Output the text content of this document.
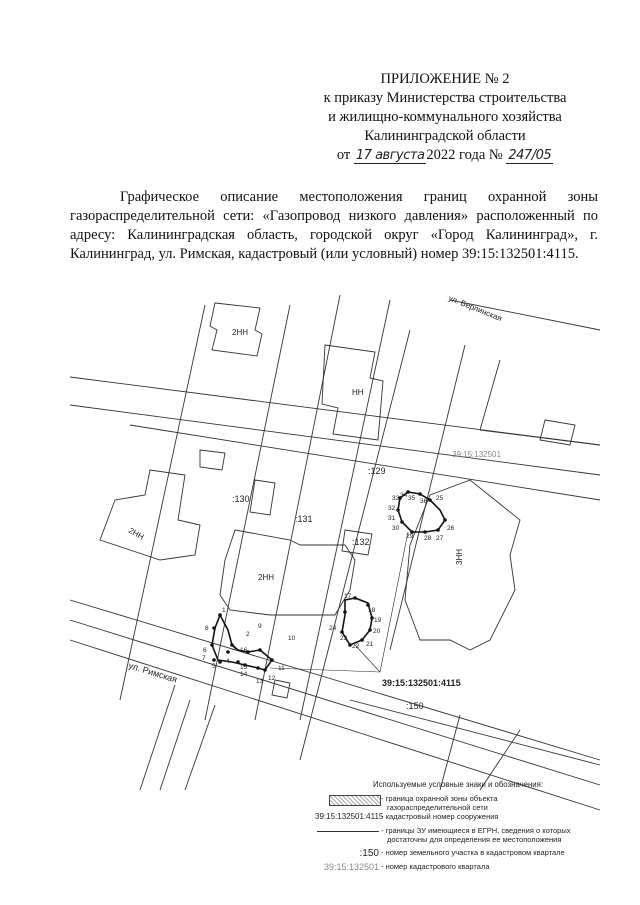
ПРИЛОЖЕНИЕ № 2
к приказу Министерства строительства
и жилищно-коммунального хозяйства
Калининградской области
от 17 августа 2022 года № 247/05
Графическое описание местоположения границ охранной зоны газораспределительной сети: «Газопровод низкого давления» расположенный по адресу: Калининградская область, городской округ «Город Калининград», г. Калининград, ул. Римская, кадастровый (или условный) номер 39:15:132501:4115.
ул. Берлинская
ул. Римская
39:15:132501
39:15:132501:4115
:129
:130
:131
:132
:150
2НН
НН
2НН
2НН
3НН
1
2
3
4
5
6
7
8	9
10
11
12
13
14
15
16
17
18
19
20
21
22
23
24
25
26
27
28
29
30
31
32
33 34 35 36
Используемые условные знаки и обозначения:
- граница охранной зоны объекта
газораспределительной сети
39:15:132501:4115
- кадастровый номер сооружения
- границы ЗУ имеющиеся в ЕГРН, сведения о которых
достаточны для определения ее местоположения
:150 - номер земельного участка в кадастровом квартале
39:15:132501 - номер кадастрового квартала
